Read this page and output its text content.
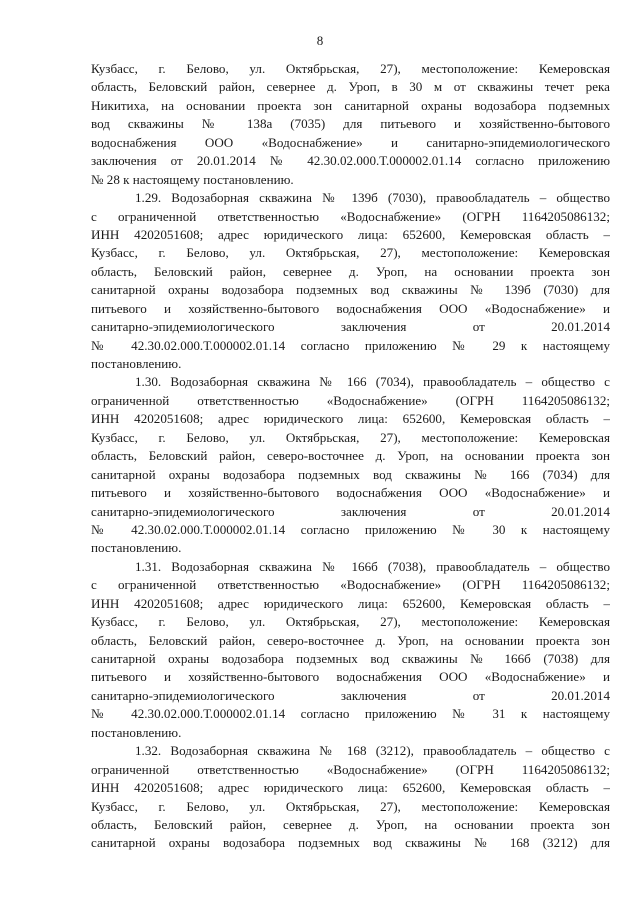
8
Кузбасс, г. Белово, ул. Октябрьская, 27), местоположение: Кемеровская
область, Беловский район, севернее д. Уроп, в 30 м от скважины течет река
Никитиха, на основании проекта зон санитарной охраны водозабора подземных
вод скважины № 138а (7035) для питьевого и хозяйственно-бытового
водоснабжения ООО «Водоснабжение» и санитарно-эпидемиологического
заключения от 20.01.2014 № 42.30.02.000.Т.000002.01.14 согласно приложению
№ 28 к настоящему постановлению.
1.29. Водозаборная скважина № 139б (7030), правообладатель – общество
с ограниченной ответственностью «Водоснабжение» (ОГРН 1164205086132;
ИНН 4202051608; адрес юридического лица: 652600, Кемеровская область –
Кузбасс, г. Белово, ул. Октябрьская, 27), местоположение: Кемеровская
область, Беловский район, севернее д. Уроп, на основании проекта зон
санитарной охраны водозабора подземных вод скважины № 139б (7030) для
питьевого и хозяйственно-бытового водоснабжения ООО «Водоснабжение» и
санитарно-эпидемиологического заключения от 20.01.2014
№ 42.30.02.000.Т.000002.01.14 согласно приложению № 29 к настоящему
постановлению.
1.30. Водозаборная скважина № 166 (7034), правообладатель – общество с
ограниченной ответственностью «Водоснабжение» (ОГРН 1164205086132;
ИНН 4202051608; адрес юридического лица: 652600, Кемеровская область –
Кузбасс, г. Белово, ул. Октябрьская, 27), местоположение: Кемеровская
область, Беловский район, северо-восточнее д. Уроп, на основании проекта зон
санитарной охраны водозабора подземных вод скважины № 166 (7034) для
питьевого и хозяйственно-бытового водоснабжения ООО «Водоснабжение» и
санитарно-эпидемиологического заключения от 20.01.2014
№ 42.30.02.000.Т.000002.01.14 согласно приложению № 30 к настоящему
постановлению.
1.31. Водозаборная скважина № 166б (7038), правообладатель – общество
с ограниченной ответственностью «Водоснабжение» (ОГРН 1164205086132;
ИНН 4202051608; адрес юридического лица: 652600, Кемеровская область –
Кузбасс, г. Белово, ул. Октябрьская, 27), местоположение: Кемеровская
область, Беловский район, северо-восточнее д. Уроп, на основании проекта зон
санитарной охраны водозабора подземных вод скважины № 166б (7038) для
питьевого и хозяйственно-бытового водоснабжения ООО «Водоснабжение» и
санитарно-эпидемиологического заключения от 20.01.2014
№ 42.30.02.000.Т.000002.01.14 согласно приложению № 31 к настоящему
постановлению.
1.32. Водозаборная скважина № 168 (3212), правообладатель – общество с
ограниченной ответственностью «Водоснабжение» (ОГРН 1164205086132;
ИНН 4202051608; адрес юридического лица: 652600, Кемеровская область –
Кузбасс, г. Белово, ул. Октябрьская, 27), местоположение: Кемеровская
область, Беловский район, севернее д. Уроп, на основании проекта зон
санитарной охраны водозабора подземных вод скважины № 168 (3212) для
